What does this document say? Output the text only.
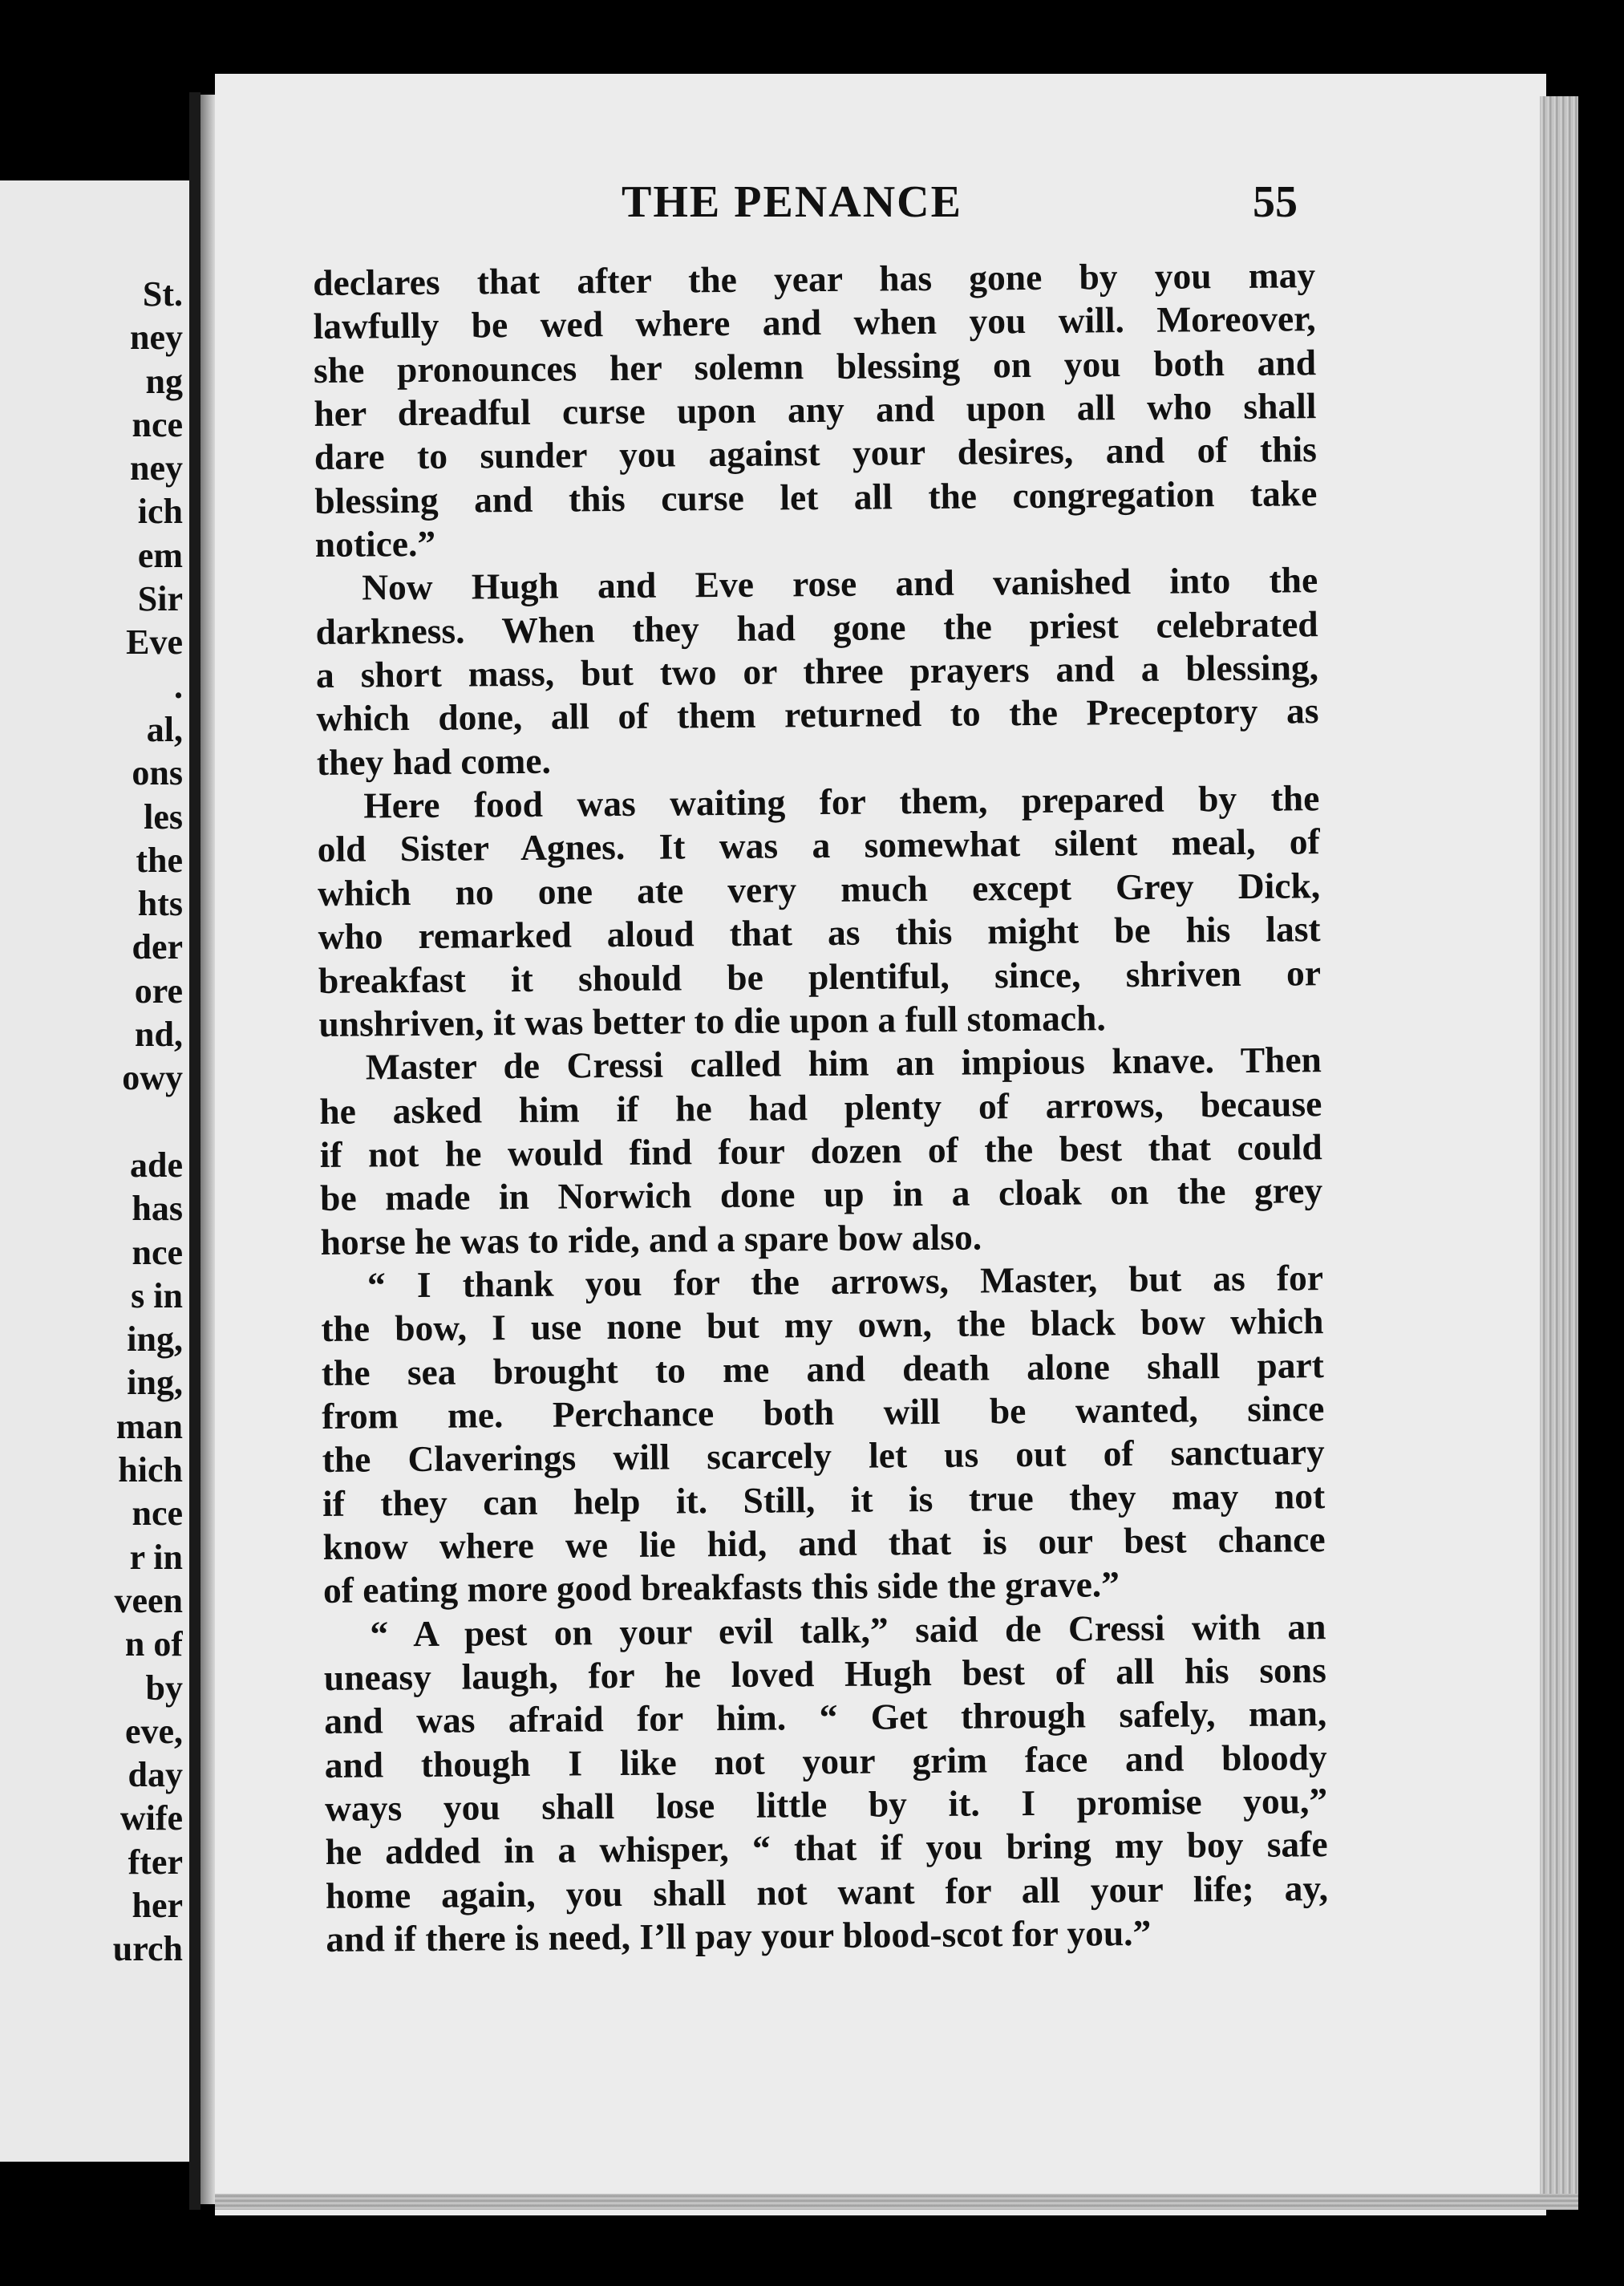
St.
ney
ng
nce
ney
ich
em
Sir
Eve
.
al,
ons
les
the
hts
der
ore
nd,
owy
ade
has
nce
s in
ing,
ing,
man
hich
nce
r in
veen
n of
by
eve,
day
wife
fter
her
urch
THE PENANCE	55
declares that after the year has gone by you may
lawfully be wed where and when you will. Moreover,
she pronounces her solemn blessing on you both and
her dreadful curse upon any and upon all who shall
dare to sunder you against your desires, and of this
blessing and this curse let all the congregation take
notice.”
Now Hugh and Eve rose and vanished into the
darkness. When they had gone the priest celebrated
a short mass, but two or three prayers and a blessing,
which done, all of them returned to the Preceptory as
they had come.
Here food was waiting for them, prepared by the
old Sister Agnes. It was a somewhat silent meal, of
which no one ate very much except Grey Dick,
who remarked aloud that as this might be his last
breakfast it should be plentiful, since, shriven or
unshriven, it was better to die upon a full stomach.
Master de Cressi called him an impious knave. Then
he asked him if he had plenty of arrows, because
if not he would find four dozen of the best that could
be made in Norwich done up in a cloak on the grey
horse he was to ride, and a spare bow also.
“ I thank you for the arrows, Master, but as for
the bow, I use none but my own, the black bow which
the sea brought to me and death alone shall part
from me. Perchance both will be wanted, since
the Claverings will scarcely let us out of sanctuary
if they can help it. Still, it is true they may not
know where we lie hid, and that is our best chance
of eating more good breakfasts this side the grave.”
“ A pest on your evil talk,” said de Cressi with an
uneasy laugh, for he loved Hugh best of all his sons
and was afraid for him. “ Get through safely, man,
and though I like not your grim face and bloody
ways you shall lose little by it. I promise you,”
he added in a whisper, “ that if you bring my boy safe
home again, you shall not want for all your life; ay,
and if there is need, I’ll pay your blood-scot for you.”
